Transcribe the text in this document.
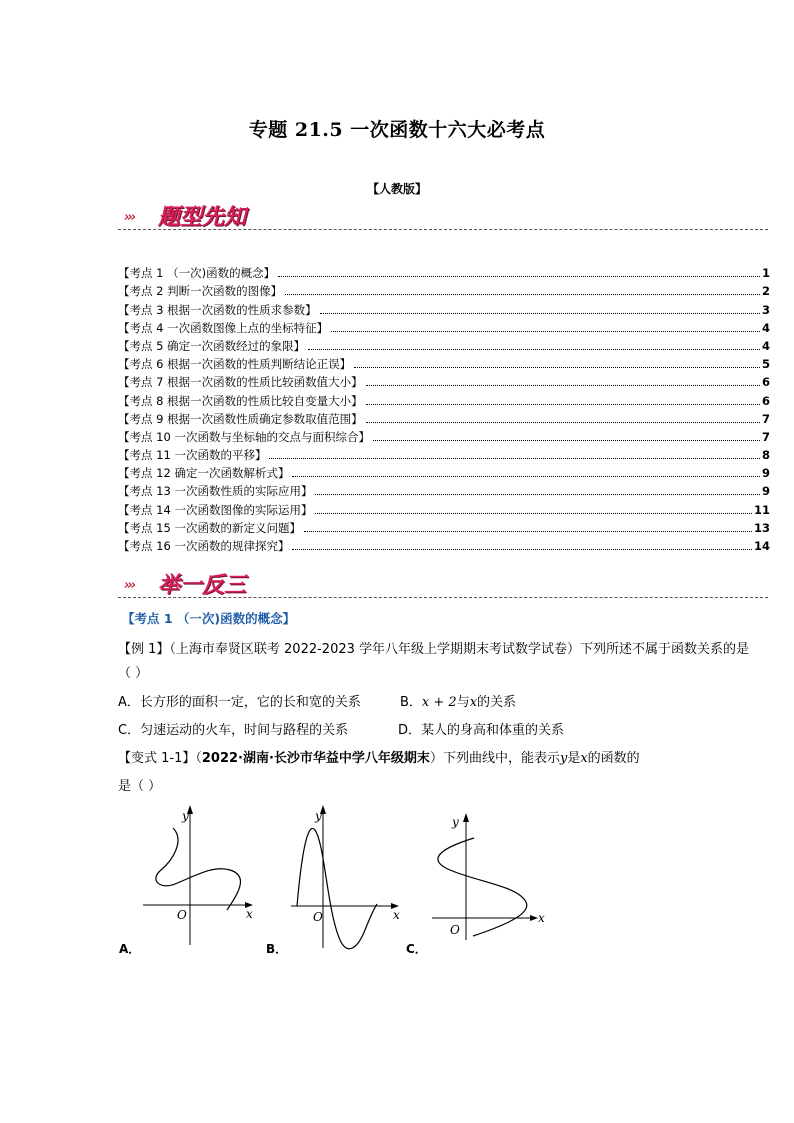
专题 21.5 一次函数十六大必考点
【人教版】
››› 题型先知
【考点 1 （一次)函数的概念】	1
【考点 2 判断一次函数的图像】	2
【考点 3 根据一次函数的性质求参数】	3
【考点 4 一次函数图像上点的坐标特征】	4
【考点 5 确定一次函数经过的象限】	4
【考点 6 根据一次函数的性质判断结论正误】	5
【考点 7 根据一次函数的性质比较函数值大小】	6
【考点 8 根据一次函数的性质比较自变量大小】	6
【考点 9 根据一次函数性质确定参数取值范围】	7
【考点 10 一次函数与坐标轴的交点与面积综合】	7
【考点 11 一次函数的平移】	8
【考点 12 确定一次函数解析式】	9
【考点 13 一次函数性质的实际应用】	9
【考点 14 一次函数图像的实际运用】	11
【考点 15 一次函数的新定义问题】	13
【考点 16 一次函数的规律探究】	14
››› 举一反三
【考点 1 （一次)函数的概念】
【例 1】（上海市奉贤区联考 2022-2023 学年八年级上学期期末考试数学试卷）下列所述不属于函数关系的是（ ）
A．长方形的面积一定，它的长和宽的关系	B．x + 2与x的关系
C．匀速运动的火车，时间与路程的关系	D．某人的身高和体重的关系
【变式 1-1】（2022·湖南·长沙市华益中学八年级期末）下列曲线中，能表示y是x的函数的
是（ ）
y
O	x
A．
y
O	x
B．
y
O
x
C．
